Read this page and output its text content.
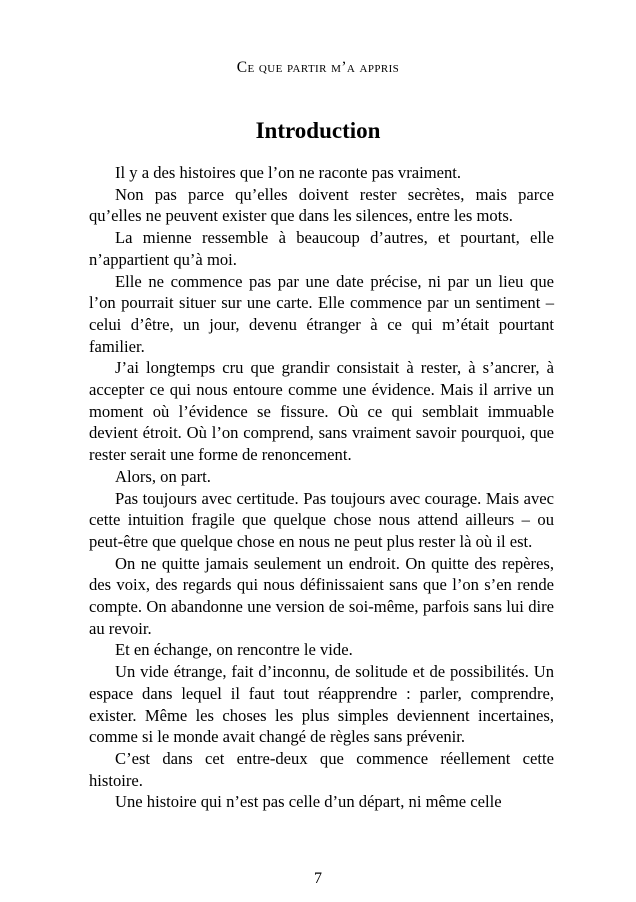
Ce que partir m’a appris
Introduction

Il y a des histoires que l’on ne raconte pas vraiment.

Non pas parce qu’elles doivent rester secrètes, mais parce qu’elles ne peuvent exister que dans les silences, entre les mots.

La mienne ressemble à beaucoup d’autres, et pourtant, elle n’appartient qu’à moi.

Elle ne commence pas par une date précise, ni par un lieu que l’on pourrait situer sur une carte. Elle commence par un sentiment – celui d’être, un jour, devenu étranger à ce qui m’était pourtant familier.

J’ai longtemps cru que grandir consistait à rester, à s’ancrer, à accepter ce qui nous entoure comme une évidence. Mais il arrive un moment où l’évidence se fissure. Où ce qui semblait immuable devient étroit. Où l’on comprend, sans vraiment savoir pourquoi, que rester serait une forme de renoncement.

Alors, on part.

Pas toujours avec certitude. Pas toujours avec courage. Mais avec cette intuition fragile que quelque chose nous attend ailleurs – ou peut-être que quelque chose en nous ne peut plus rester là où il est.

On ne quitte jamais seulement un endroit. On quitte des repères, des voix, des regards qui nous définissaient sans que l’on s’en rende compte. On abandonne une version de soi-même, parfois sans lui dire au revoir.

Et en échange, on rencontre le vide.

Un vide étrange, fait d’inconnu, de solitude et de possibilités. Un espace dans lequel il faut tout réapprendre : parler, comprendre, exister. Même les choses les plus simples deviennent incertaines, comme si le monde avait changé de règles sans prévenir.

C’est dans cet entre-deux que commence réellement cette histoire.

Une histoire qui n’est pas celle d’un départ, ni même celle

7
